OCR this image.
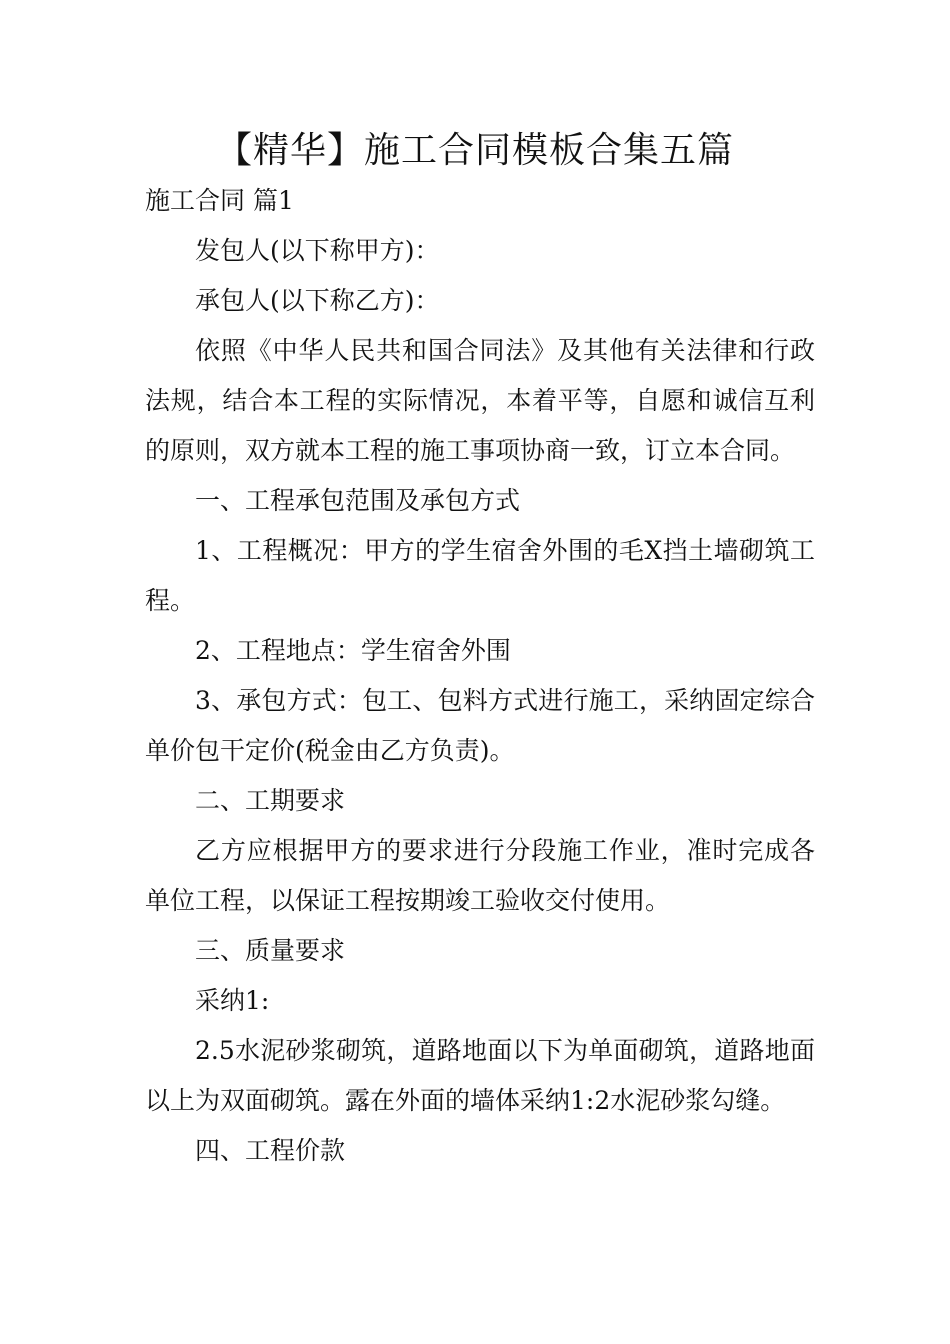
【精华】施工合同模板合集五篇

施工合同 篇1

发包人(以下称甲方)：

承包人(以下称乙方)：

依照《中华人民共和国合同法》及其他有关法律和行政法规，结合本工程的实际情况，本着平等，自愿和诚信互利的原则，双方就本工程的施工事项协商一致，订立本合同。

一、工程承包范围及承包方式

1、工程概况：甲方的学生宿舍外围的毛X挡土墙砌筑工程。

2、工程地点：学生宿舍外围

3、承包方式：包工、包料方式进行施工，采纳固定综合单价包干定价(税金由乙方负责)。

二、工期要求

乙方应根据甲方的要求进行分段施工作业，准时完成各单位工程，以保证工程按期竣工验收交付使用。

三、质量要求

采纳1:

2.5水泥砂浆砌筑，道路地面以下为单面砌筑，道路地面以上为双面砌筑。露在外面的墙体采纳1:2水泥砂浆勾缝。

四、工程价款
